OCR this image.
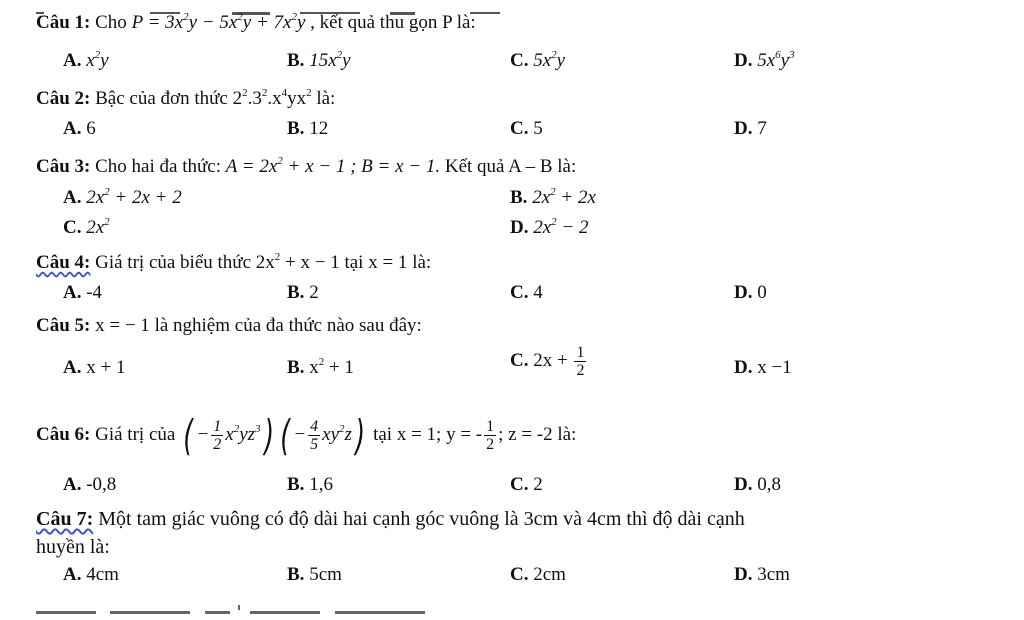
Câu 1: Cho $P = 3x^2y - 5x^2y + 7x^2y$ , kết quả thu gọn P là:
A. $x^2y$	B. $15x^2y$	C. $5x^2y$	D. $5x^6y^3$
Câu 2: Bậc của đơn thức $2^2.3^2.x^4yx^2$ là:
A. 6	B. 12	C. 5	D. 7
Câu 3: Cho hai đa thức: $A = 2x^2 + x - 1$ ; B = x − 1. Kết quả A – B là:
A. $2x^2 + 2x + 2$	B. $2x^2 + 2x$
C. $2x^2$	D. $2x^2 - 2$
Câu 4: Giá trị của biểu thức $2x^2 + x - 1$ tại x = 1 là:
A. -4	B. 2	C. 4	D. 0
Câu 5: x = − 1 là nghiệm của đa thức nào sau đây:
A. x + 1	B. $x^2 + 1$	C. $2x + \frac{1}{2}$	D. x −1
Câu 6: Giá trị của ( − $\frac{1}{2} x^2yz^3$) ( − $\frac{4}{5} xy^2z$) tại x = 1; y = - $\frac{1}{2}$ ; z = -2 là:
A. -0,8	B. 1,6	C. 2	D. 0,8
Câu 7: Một tam giác vuông có độ dài hai cạnh góc vuông là 3cm và 4cm thì độ dài cạnh
huyền là:
A. 4cm	B. 5cm	C. 2cm	D. 3cm
